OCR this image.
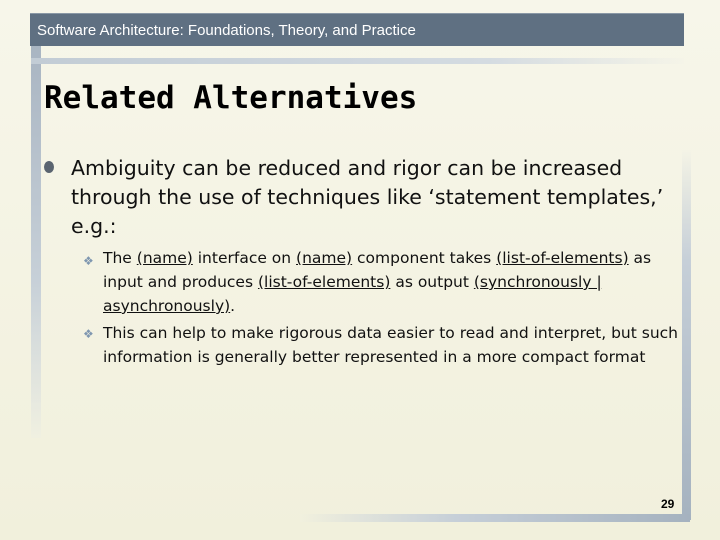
Software Architecture: Foundations, Theory, and Practice
Related Alternatives
Ambiguity can be reduced and rigor can be increased through the use of techniques like ‘statement templates,’ e.g.:
❖ The (name) interface on (name) component takes (list-of-elements) as input and produces (list-of-elements) as output (synchronously | asynchronously).
❖ This can help to make rigorous data easier to read and interpret, but such information is generally better represented in a more compact format
29
